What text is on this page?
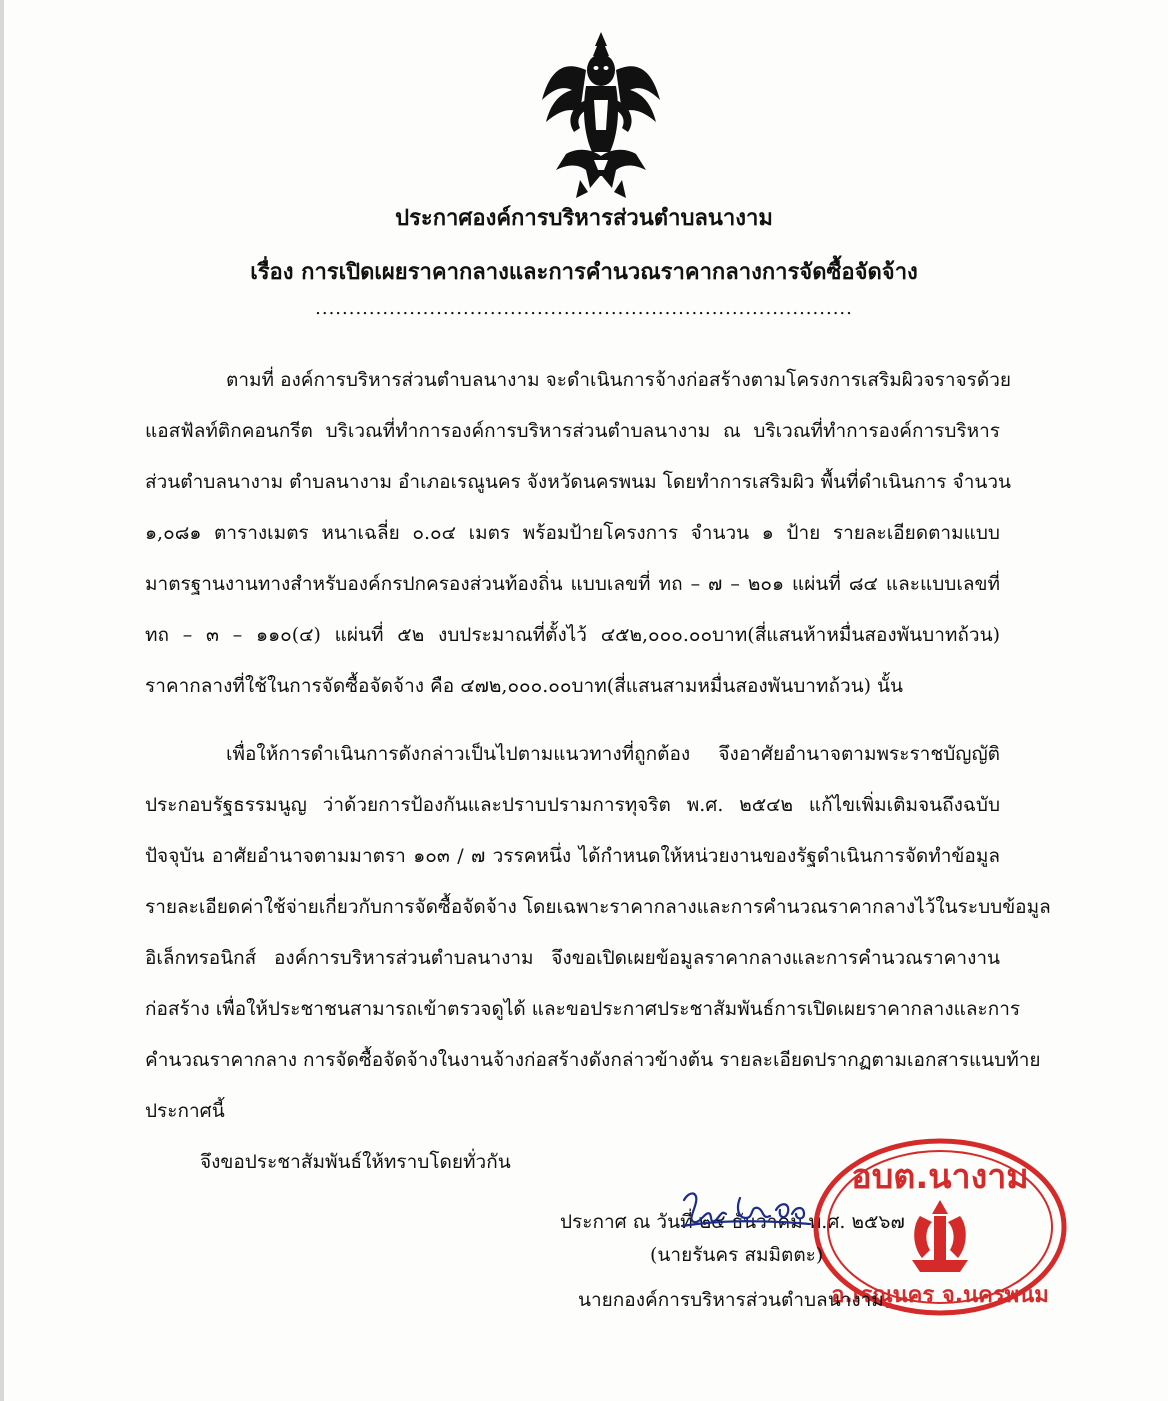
ประกาศองค์การบริหารส่วนตำบลนางาม
เรื่อง การเปิดเผยราคากลางและการคำนวณราคากลางการจัดซื้อจัดจ้าง
................................................................................
ตามที่ องค์การบริหารส่วนตำบลนางาม จะดำเนินการจ้างก่อสร้างตามโครงการเสริมผิวจราจรด้วย
แอสฟัลท์ติกคอนกรีต บริเวณที่ทำการองค์การบริหารส่วนตำบลนางาม ณ บริเวณที่ทำการองค์การบริหาร
ส่วนตำบลนางาม ตำบลนางาม อำเภอเรณูนคร จังหวัดนครพนม โดยทำการเสริมผิว พื้นที่ดำเนินการ จำนวน
๑,๐๘๑ ตารางเมตร หนาเฉลี่ย ๐.๐๔ เมตร พร้อมป้ายโครงการ จำนวน ๑ ป้าย รายละเอียดตามแบบ
มาตรฐานงานทางสำหรับองค์กรปกครองส่วนท้องถิ่น แบบเลขที่ ทถ – ๗ – ๒๐๑ แผ่นที่ ๘๔ และแบบเลขที่
ทถ – ๓ – ๑๑๐(๔) แผ่นที่ ๕๒ งบประมาณที่ตั้งไว้ ๔๕๒,๐๐๐.๐๐บาท(สี่แสนห้าหมื่นสองพันบาทถ้วน)
ราคากลางที่ใช้ในการจัดซื้อจัดจ้าง คือ ๔๗๒,๐๐๐.๐๐บาท(สี่แสนสามหมื่นสองพันบาทถ้วน) นั้น
เพื่อให้การดำเนินการดังกล่าวเป็นไปตามแนวทางที่ถูกต้อง จึงอาศัยอำนาจตามพระราชบัญญัติ
ประกอบรัฐธรรมนูญ ว่าด้วยการป้องกันและปราบปรามการทุจริต พ.ศ. ๒๕๔๒ แก้ไขเพิ่มเติมจนถึงฉบับ
ปัจจุบัน อาศัยอำนาจตามมาตรา ๑๐๓ / ๗ วรรคหนึ่ง ได้กำหนดให้หน่วยงานของรัฐดำเนินการจัดทำข้อมูล
รายละเอียดค่าใช้จ่ายเกี่ยวกับการจัดซื้อจัดจ้าง โดยเฉพาะราคากลางและการคำนวณราคากลางไว้ในระบบข้อมูล
อิเล็กทรอนิกส์ องค์การบริหารส่วนตำบลนางาม จึงขอเปิดเผยข้อมูลราคากลางและการคำนวณราคางาน
ก่อสร้าง เพื่อให้ประชาชนสามารถเข้าตรวจดูได้ และขอประกาศประชาสัมพันธ์การเปิดเผยราคากลางและการ
คำนวณราคากลาง การจัดซื้อจัดจ้างในงานจ้างก่อสร้างดังกล่าวข้างต้น รายละเอียดปรากฏตามเอกสารแนบท้าย
ประกาศนี้
จึงขอประชาสัมพันธ์ให้ทราบโดยทั่วกัน
ประกาศ ณ วันที่ ๒๔ ธันวาคม พ.ศ. ๒๕๖๗
อบต.นางาม
อ.เรณูนคร จ.นครพนม
(นายรันคร สมมิตตะ)
นายกองค์การบริหารส่วนตำบลนางาม
